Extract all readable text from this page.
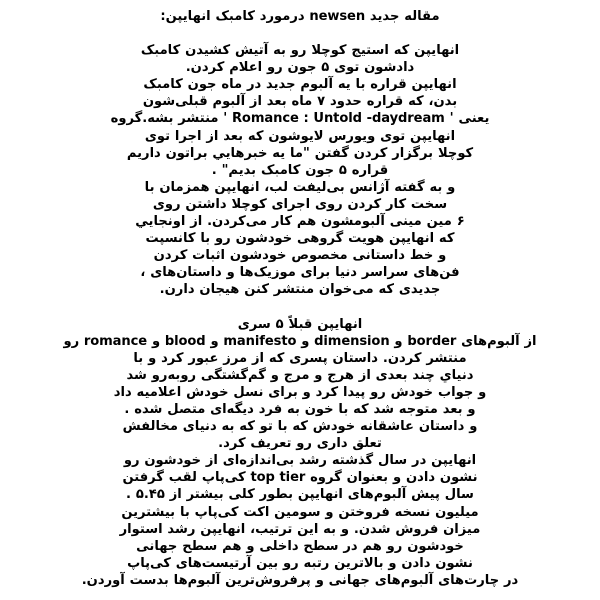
مقاله جدید newsen درمورد کامبک انهایپن:
انهایپن که استیج کوچلا رو به آتیش کشیدن کامبک
دادشون توی ۵ جون رو اعلام کردن.
انهایپن قراره با یه آلبوم جدید در ماه جون کامبک
بدن، که قراره حدود ۷ ماه بعد از آلبوم قبلی‌شون
یعنی ' Romance : Untold -daydream ' منتشر بشه.گروه
انهایپن توی ویورس لایوشون که بعد از اجرا توی
کوچلا برگزار کردن گفتن "ما یه خبرهایي براتون داریم
قراره ۵ جون کامبک بدیم" .
و به گفته آژانس بی‌لیفت لب، انهایپن همزمان با
سخت کار کردن روی اجرای کوچلا داشتن روی
۶ مین مینی آلبومشون هم کار می‌کردن. از اونجایي
که انهایپن هویت گروهی خودشون رو با کانسپت
و خط داستانی مخصوص خودشون اثبات کردن
فن‌های سراسر دنیا برای موزیک‌ها و داستان‌های ،
جدیدی که می‌خوان منتشر کنن هیجان دارن.

انهایپن قبلاً ۵ سری
از آلبوم‌های border و dimension و manifesto و blood و romance رو
منتشر کردن. داستان پسری که از مرز عبور کرد و با
دنیاي چند بعدی از هرج و مرج و گم‌گشتگی روبه‌رو شد
و جواب خودش رو پیدا کرد و برای نسل خودش اعلامیه داد
و بعد متوجه شد که با خون به فرد دیگه‌ای متصل شده .
و داستان عاشقانه خودش که با تو که به دنیای مخالفش
تعلق داری رو تعریف کرد.
انهایپن در سال گذشته رشد بی‌اندازه‌ای از خودشون رو
نشون دادن و بعنوان گروه top tier کی‌پاپ لقب گرفتن
سال پیش آلبوم‌های انهایپن بطور کلی بیشتر از ۵.۴۵ .
میلیون نسخه فروختن و سومین اکت کی‌پاپ با بیشترین
میزان فروش شدن. و به این ترتیب، انهایپن رشد استوار
خودشون رو هم در سطح داخلی و هم سطح جهانی
نشون دادن و بالاترین رتبه رو بین آرتیست‌های کی‌پاپ
در چارت‌های آلبوم‌های جهانی و پرفروش‌ترین آلبوم‌ها بدست آوردن.
